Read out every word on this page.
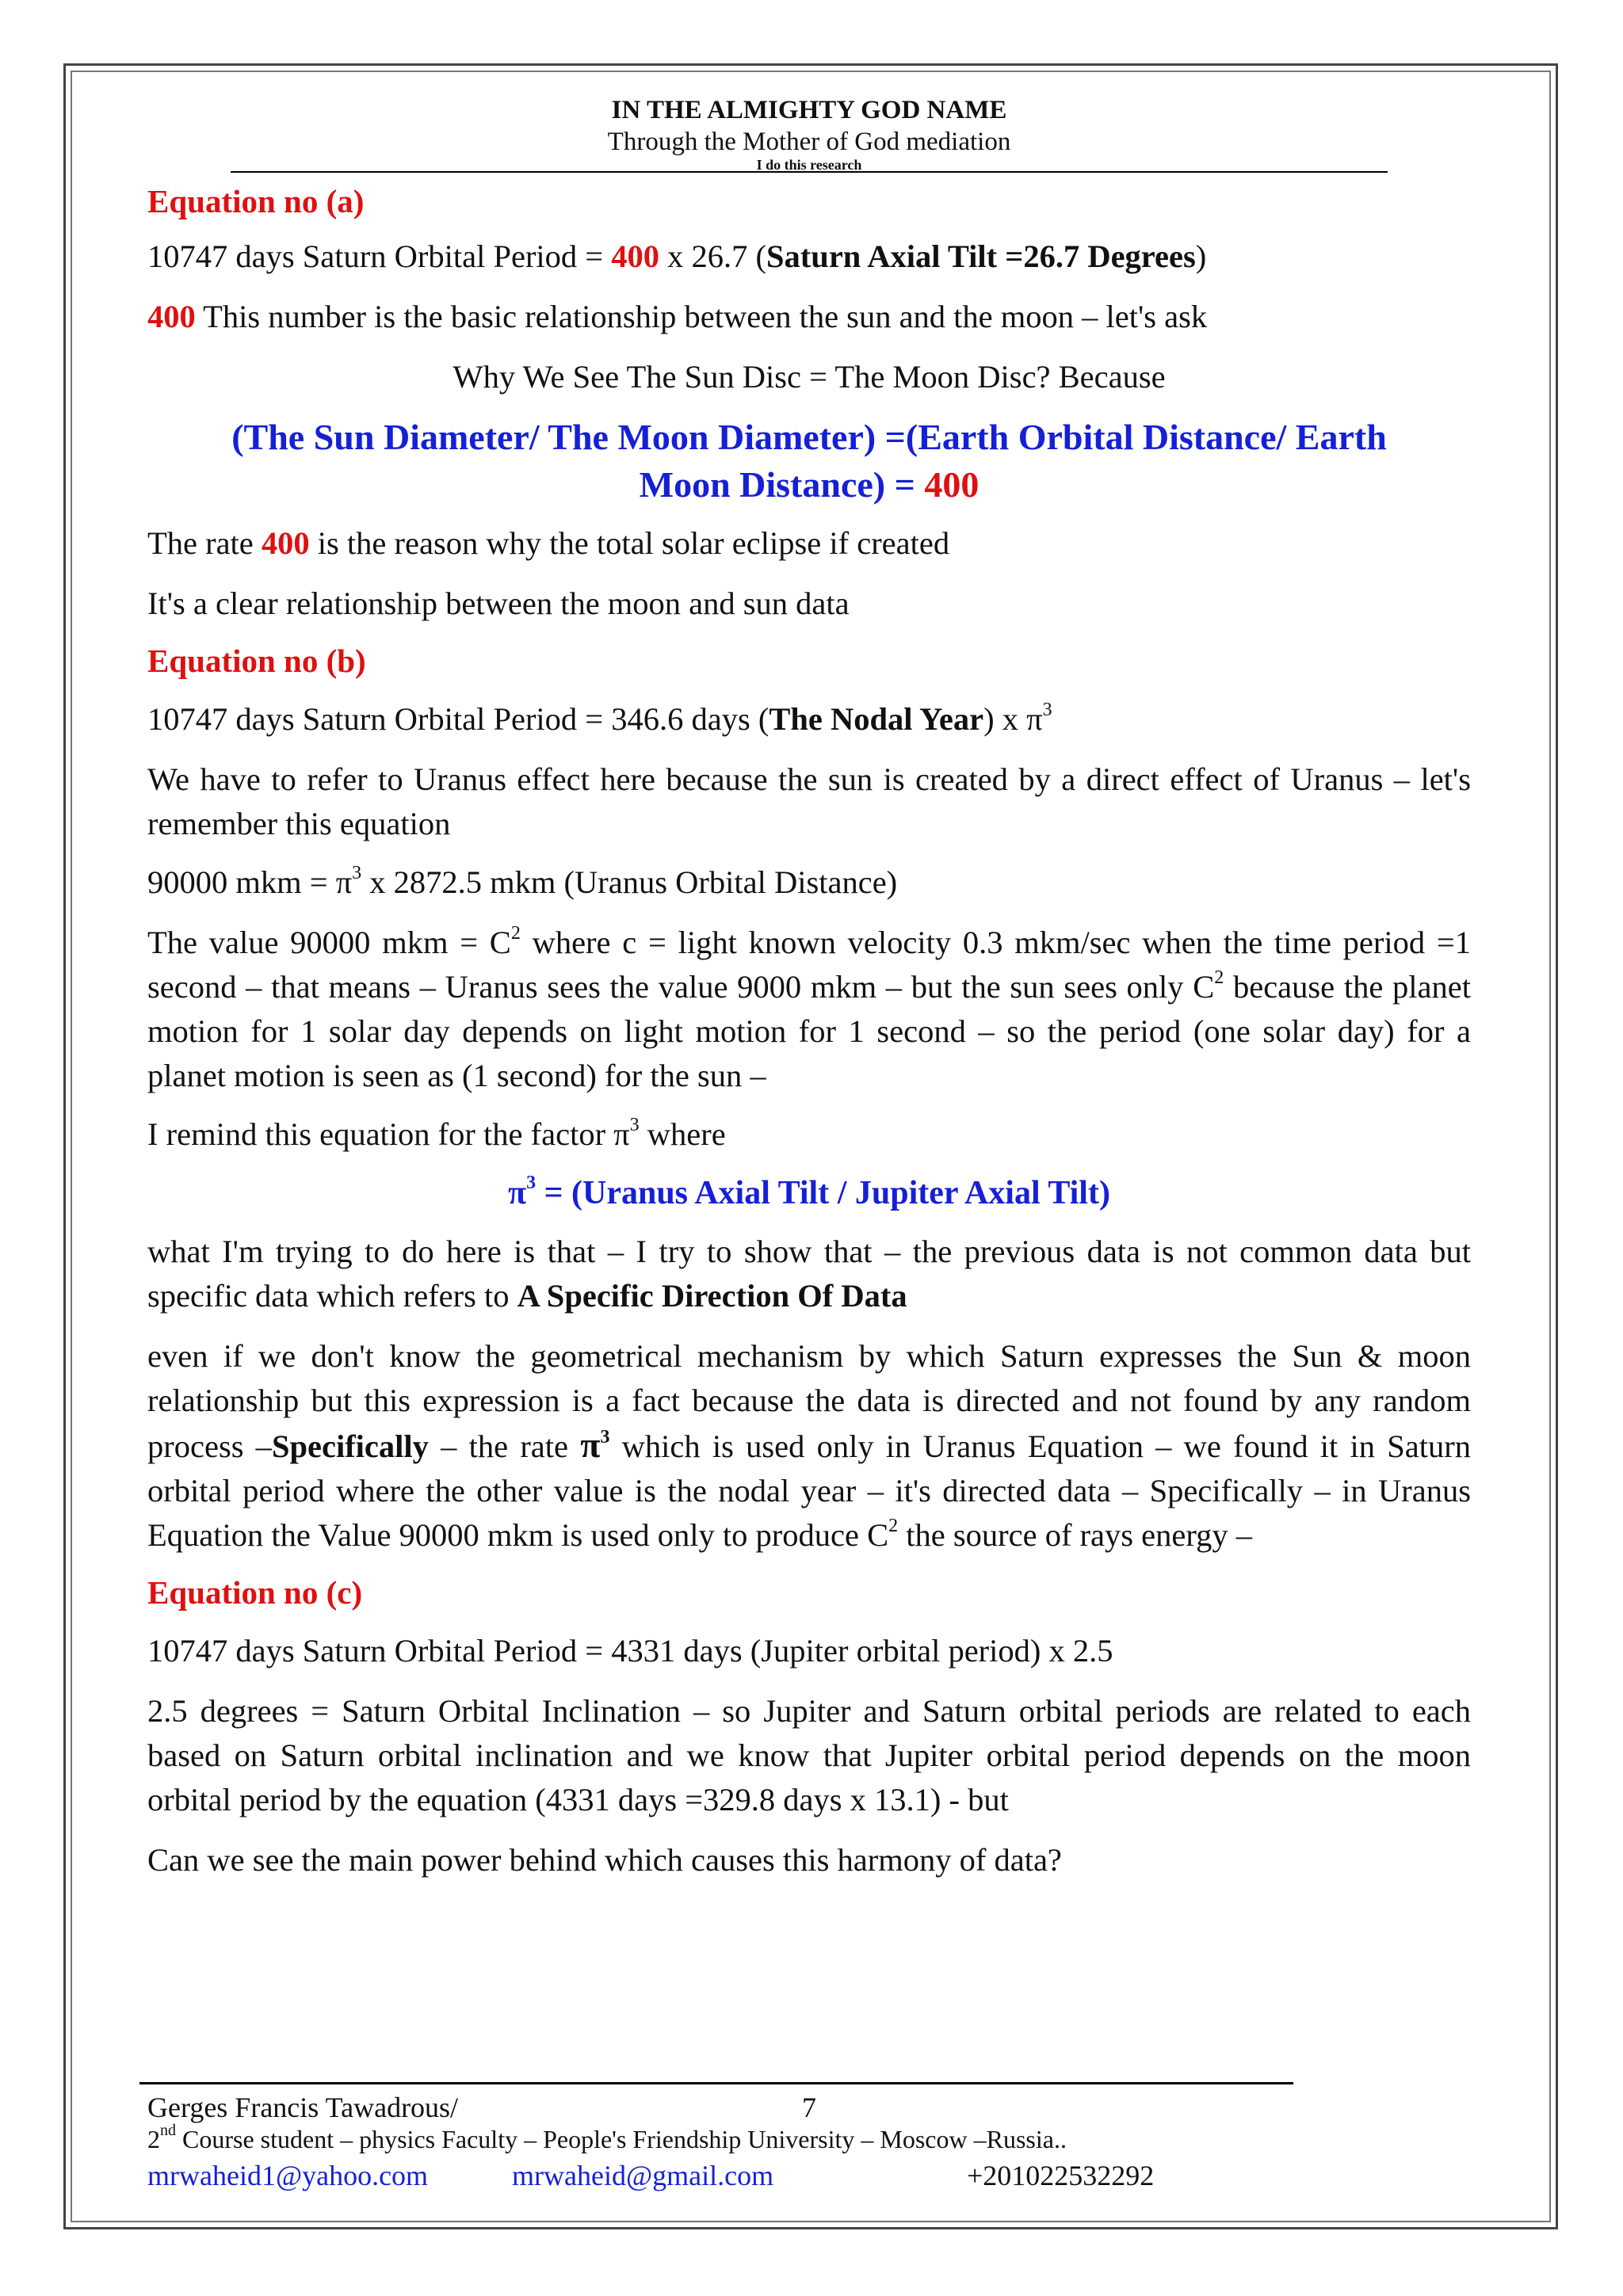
IN THE ALMIGHTY GOD NAME
Through the Mother of God mediation
I do this research
Equation no (a)

10747 days Saturn Orbital Period = 400 x 26.7 (Saturn Axial Tilt =26.7 Degrees)

400 This number is the basic relationship between the sun and the moon – let's ask

Why We See The Sun Disc = The Moon Disc? Because

(The Sun Diameter/ The Moon Diameter) =(Earth Orbital Distance/ Earth
Moon Distance) = 400

The rate 400 is the reason why the total solar eclipse if created

It's a clear relationship between the moon and sun data

Equation no (b)

10747 days Saturn Orbital Period = 346.6 days (The Nodal Year) x $\pi^3$

We have to refer to Uranus effect here because the sun is created by a direct effect of Uranus – let's remember this equation

90000 mkm = $\pi^3$ x 2872.5 mkm (Uranus Orbital Distance)

The value 90000 mkm = $C^2$ where c = light known velocity 0.3 mkm/sec when the time period =1 second – that means – Uranus sees the value 9000 mkm – but the sun sees only $C^2$ because the planet motion for 1 solar day depends on light motion for 1 second – so the period (one solar day) for a planet motion is seen as (1 second) for the sun –

I remind this equation for the factor $\pi^3$ where

$\pi^3$ = (Uranus Axial Tilt / Jupiter Axial Tilt)

what I'm trying to do here is that – I try to show that – the previous data is not common data but specific data which refers to A Specific Direction Of Data

even if we don't know the geometrical mechanism by which Saturn expresses the Sun & moon relationship but this expression is a fact because the data is directed and not found by any random process –Specifically – the rate $\pi^3$ which is used only in Uranus Equation – we found it in Saturn orbital period where the other value is the nodal year – it's directed data – Specifically – in Uranus Equation the Value 90000 mkm is used only to produce $C^2$ the source of rays energy –

Equation no (c)

10747 days Saturn Orbital Period = 4331 days (Jupiter orbital period) x 2.5

2.5 degrees = Saturn Orbital Inclination – so Jupiter and Saturn orbital periods are related to each based on Saturn orbital inclination and we know that Jupiter orbital period depends on the moon orbital period by the equation (4331 days =329.8 days x 13.1) - but

Can we see the main power behind which causes this harmony of data?

Gerges Francis Tawadrous/	7
2nd Course student – physics Faculty – People's Friendship University – Moscow –Russia..
mrwaheid1@yahoo.com	mrwaheid@gmail.com	+201022532292
